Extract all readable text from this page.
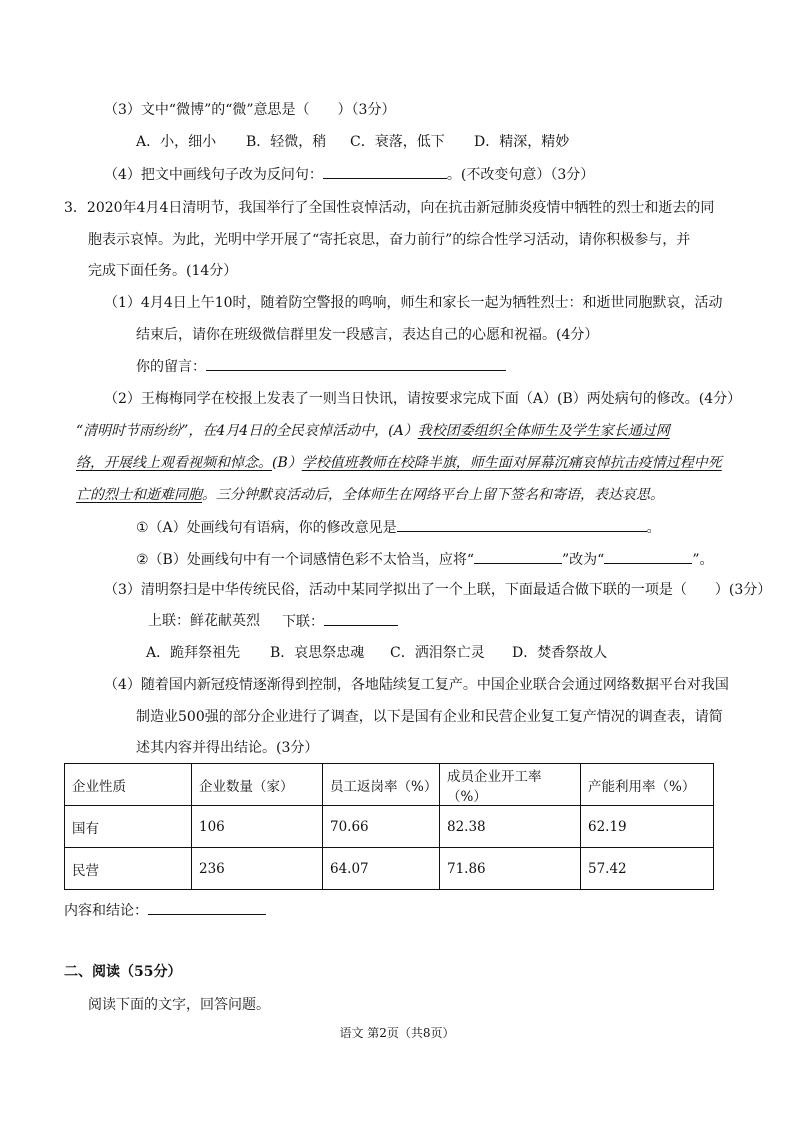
（3）文中“微博”的“微”意思是（　　）（3分）
A．小，细小 B．轻微，稍 C．衰落，低下 D．精深，精妙
（4）把文中画线句子改为反问句：	。(不改变句意）（3分）
3．2020年4月4日清明节，我国举行了全国性哀悼活动，向在抗击新冠肺炎疫情中牺牲的烈士和逝去的同
胞表示哀悼。为此，光明中学开展了“寄托哀思，奋力前行”的综合性学习活动，请你积极参与，并
完成下面任务。(14分）
（1）4月4日上午10时，随着防空警报的鸣响，师生和家长一起为牺牲烈士：和逝世同胞默哀，活动
结束后，请你在班级微信群里发一段感言，表达自己的心愿和祝福。(4分）
你的留言：
（2）王梅梅同学在校报上发表了一则当日快讯，请按要求完成下面（A）(B）两处病句的修改。(4分）
“清明时节雨纷纷”，在4月4日的全民哀悼活动中，(A）我校团委组织全体师生及学生家长通过网
络，开展线上观看视频和悼念。(B）学校值班教师在校降半旗，师生面对屏幕沉痛哀悼抗击疫情过程中死
亡的烈士和逝难同胞。三分钟默哀活动后，全体师生在网络平台上留下签名和寄语，表达哀思。
①（A）处画线句有语病，你的修改意见是	。
②（B）处画线句中有一个词感情色彩不太恰当，应将“	”改为“	”。
（3）清明祭扫是中华传统民俗，活动中某同学拟出了一个上联，下面最适合做下联的一项是（　　）(3分）
上联：鲜花献英烈 下联：
A．跪拜祭祖先 B．哀思祭忠魂 C．洒泪祭亡灵 D．焚香祭故人
（4）随着国内新冠疫情逐渐得到控制，各地陆续复工复产。中国企业联合会通过网络数据平台对我国
制造业500强的部分企业进行了调查，以下是国有企业和民营企业复工复产情况的调查表，请简
述其内容并得出结论。(3分）
企业性质	企业数量（家）	员工返岗率（%）	成员企业开工率（%）	产能利用率（%）
国有	106	70.66	82.38	62.19
民营	236	64.07	71.86	57.42
内容和结论：
二、阅读（55分）
阅读下面的文字，回答问题。
语文 第2页（共8页）
